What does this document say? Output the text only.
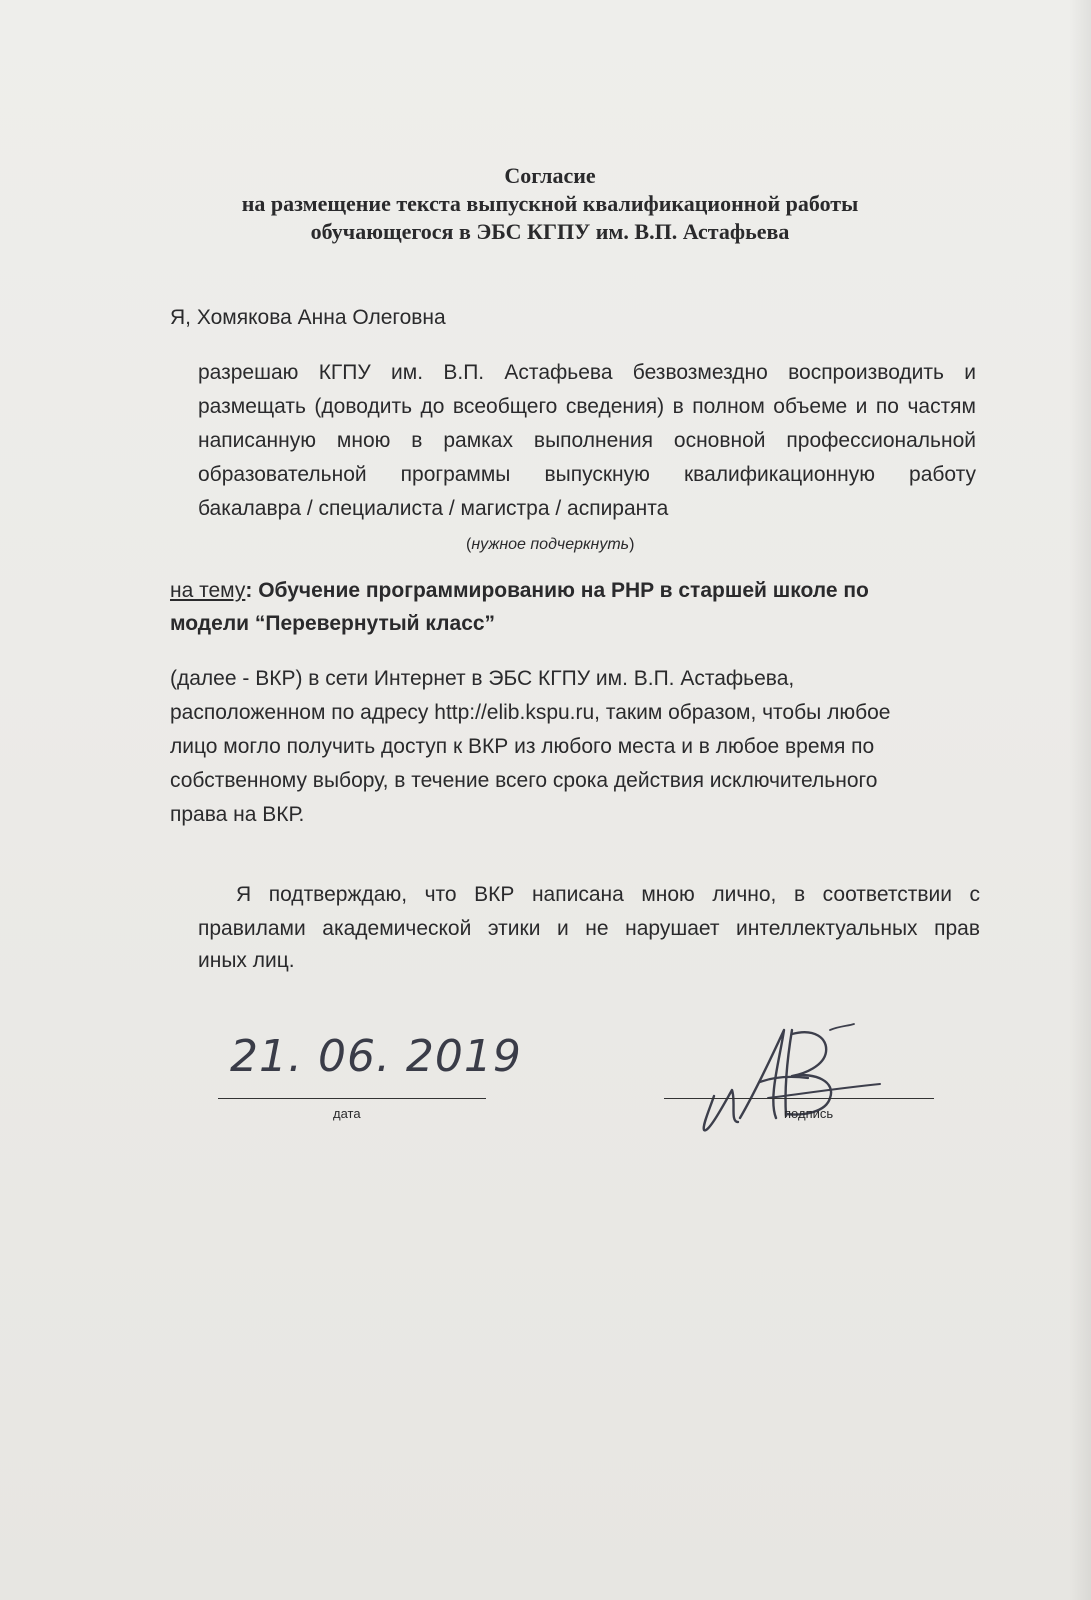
Согласие

на размещение текста выпускной квалификационной работы

обучающегося в ЭБС КГПУ им. В.П. Астафьева

Я, Хомякова Анна Олеговна

разрешаю КГПУ им. В.П. Астафьева безвозмездно воспроизводить и

размещать (доводить до всеобщего сведения) в полном объеме и по частям

написанную мною в рамках выполнения основной профессиональной

образовательной программы выпускную квалификационную работу

бакалавра / специалиста / магистра / аспиранта

(нужное подчеркнуть)

на тему: Обучение программированию на PHP в старшей школе по

модели “Перевернутый класс”

(далее - ВКР) в сети Интернет в ЭБС КГПУ им. В.П. Астафьева,

расположенном по адресу http://elib.kspu.ru, таким образом, чтобы любое

лицо могло получить доступ к ВКР из любого места и в любое время по

собственному выбору, в течение всего срока действия исключительного

права на ВКР.

Я подтверждаю, что ВКР написана мною лично, в соответствии с

правилами академической этики и не нарушает интеллектуальных прав

иных лиц.

21. 06. 2019
дата	подпись
